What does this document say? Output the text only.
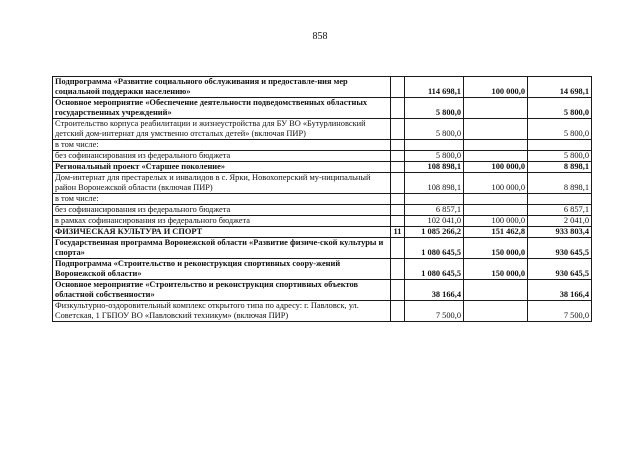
858
Подпрограмма «Развитие социального обслуживания и предоставле-ния мер социальной поддержки населению»		114 698,1	100 000,0	14 698,1
Основное мероприятие «Обеспечение деятельности подведомственных областных государственных учреждений»		5 800,0		5 800,0
Строительство корпуса реабилитации и жизнеустройства для БУ ВО «Бутурлиновский детский дом-интернат для умственно отсталых детей» (включая ПИР)		5 800,0		5 800,0
в том числе:				
без софинансирования из федерального бюджета		5 800,0		5 800,0
Региональный проект «Старшее поколение»		108 898,1	100 000,0	8 898,1
Дом-интернат для престарелых и инвалидов в с. Ярки, Новохоперский му-ниципальный район Воронежской области (включая ПИР)		108 898,1	100 000,0	8 898,1
в том числе:				
без софинансирования из федерального бюджета		6 857,1		6 857,1
в рамках софинансирования из федерального бюджета		102 041,0	100 000,0	2 041,0
ФИЗИЧЕСКАЯ КУЛЬТУРА И СПОРТ	11	1 085 266,2	151 462,8	933 803,4
Государственная программа Воронежской области «Развитие физиче-ской культуры и спорта»		1 080 645,5	150 000,0	930 645,5
Подпрограмма «Строительство и реконструкция спортивных соору-жений Воронежской области»		1 080 645,5	150 000,0	930 645,5
Основное мероприятие «Строительство и реконструкция спортивных объектов областной собственности»		38 166,4		38 166,4
Физкультурно-оздоровительный комплекс открытого типа по адресу: г. Павловск, ул. Советская, 1 ГБПОУ ВО «Павловский техникум» (включая ПИР)		7 500,0		7 500,0
